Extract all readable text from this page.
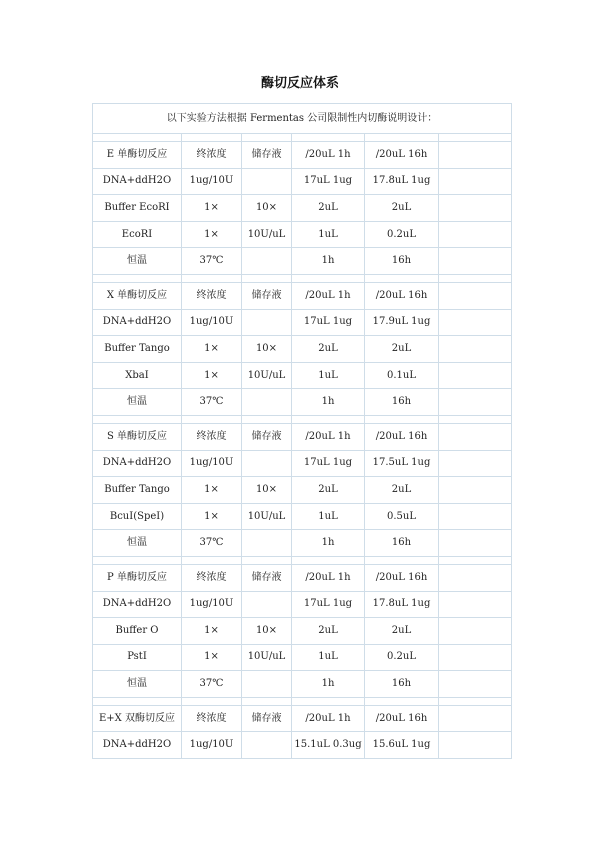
酶切反应体系
以下实验方法根据 Fermentas 公司限制性内切酶说明设计：					

E 单酶切反应	终浓度	储存液	/20uL 1h	/20uL 16h	
DNA+ddH2O	1ug/10U		17uL 1ug	17.8uL 1ug	
Buffer EcoRI	1×	10×	2uL	2uL	
EcoRI	1×	10U/uL	1uL	0.2uL	
恒温	37℃		1h	16h	

X 单酶切反应	终浓度	储存液	/20uL 1h	/20uL 16h	
DNA+ddH2O	1ug/10U		17uL 1ug	17.9uL 1ug	
Buffer Tango	1×	10×	2uL	2uL	
XbaI	1×	10U/uL	1uL	0.1uL	
恒温	37℃		1h	16h	

S 单酶切反应	终浓度	储存液	/20uL 1h	/20uL 16h	
DNA+ddH2O	1ug/10U		17uL 1ug	17.5uL 1ug	
Buffer Tango	1×	10×	2uL	2uL	
BcuI(SpeI)	1×	10U/uL	1uL	0.5uL	
恒温	37℃		1h	16h	

P 单酶切反应	终浓度	储存液	/20uL 1h	/20uL 16h	
DNA+ddH2O	1ug/10U		17uL 1ug	17.8uL 1ug	
Buffer O	1×	10×	2uL	2uL	
PstI	1×	10U/uL	1uL	0.2uL	
恒温	37℃		1h	16h	

E+X 双酶切反应	终浓度	储存液	/20uL 1h	/20uL 16h	
DNA+ddH2O	1ug/10U		15.1uL 0.3ug	15.6uL 1ug	
